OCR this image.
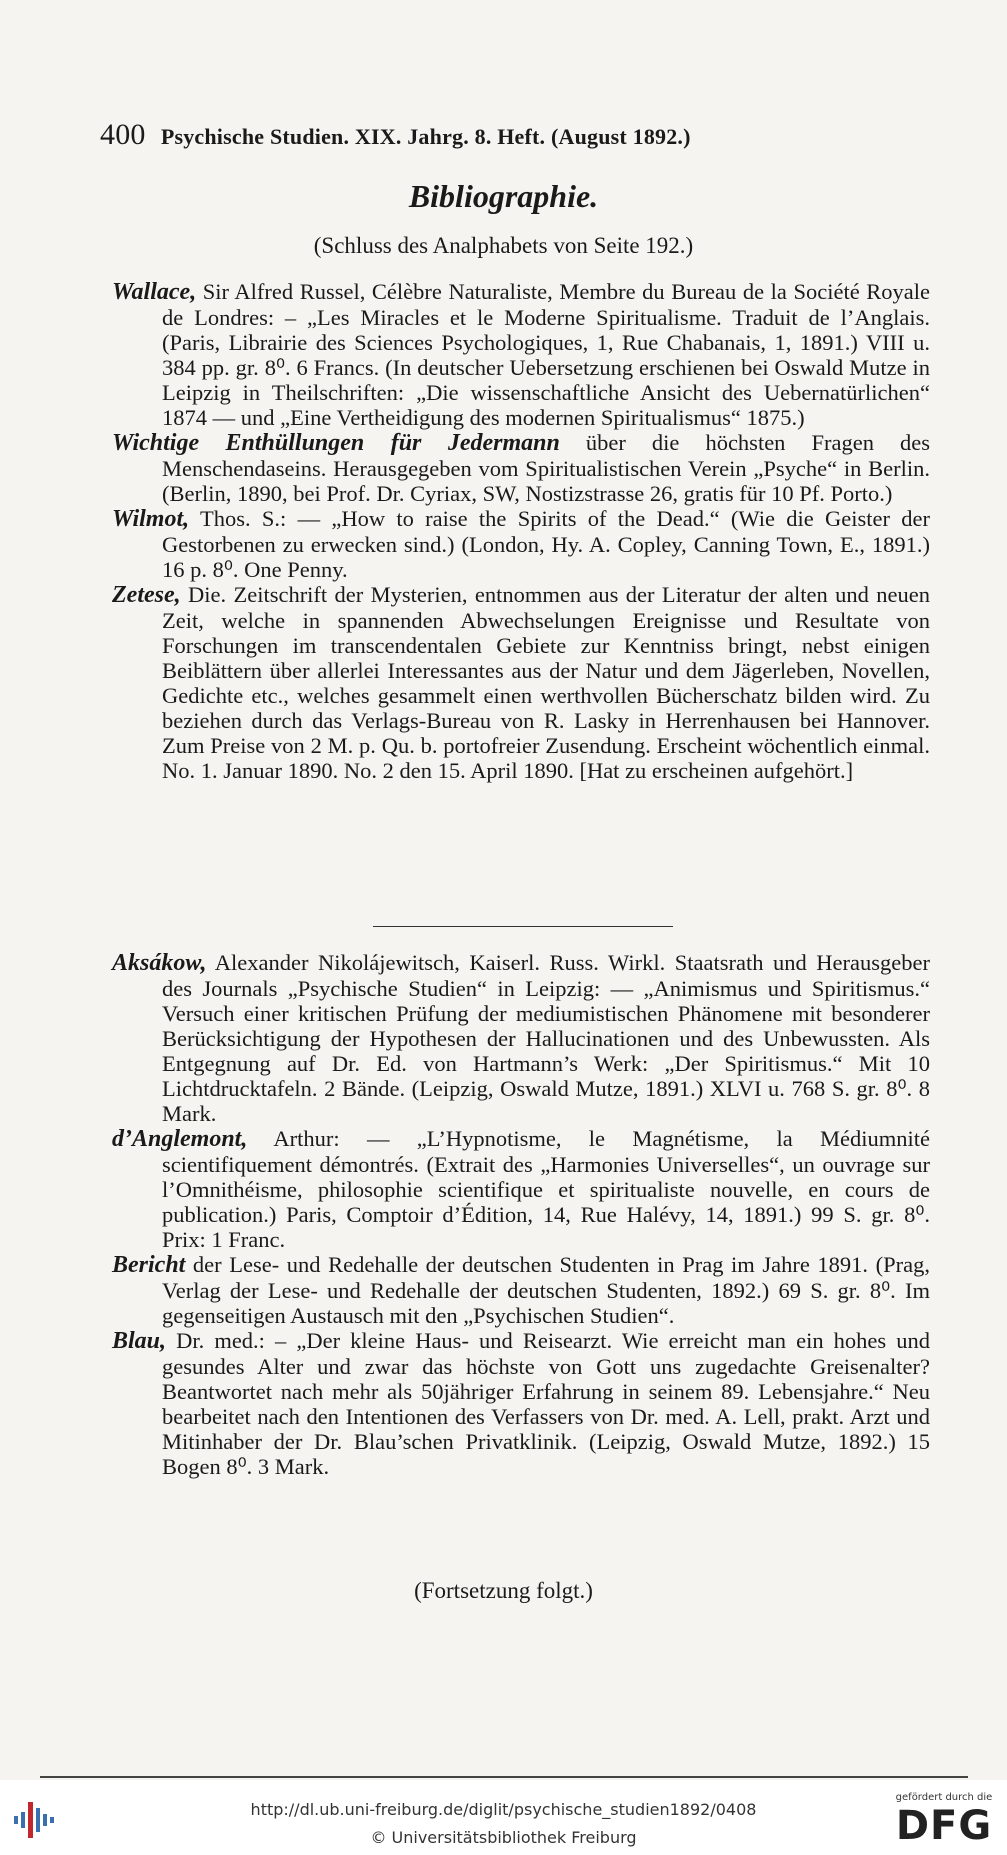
400 Psychische Studien. XIX. Jahrg. 8. Heft. (August 1892.)
Bibliographie.
(Schluss des Analphabets von Seite 192.)

Wallace, Sir Alfred Russel, Célèbre Naturaliste, Membre du Bureau de la Société Royale de Londres: – „Les Miracles et le Moderne Spiritualisme. Traduit de l’Anglais. (Paris, Librairie des Sciences Psychologiques, 1, Rue Chabanais, 1, 1891.) VIII u. 384 pp. gr. 8⁰. 6 Francs. (In deutscher Uebersetzung erschienen bei Oswald Mutze in Leipzig in Theilschriften: „Die wissenschaftliche Ansicht des Uebernatürlichen“ 1874 — und „Eine Vertheidigung des modernen Spiritualismus“ 1875.)

Wichtige Enthüllungen für Jedermann über die höchsten Fragen des Menschendaseins. Herausgegeben vom Spiritualistischen Verein „Psyche“ in Berlin. (Berlin, 1890, bei Prof. Dr. Cyriax, SW, Nostizstrasse 26, gratis für 10 Pf. Porto.)

Wilmot, Thos. S.: — „How to raise the Spirits of the Dead.“ (Wie die Geister der Gestorbenen zu erwecken sind.) (London, Hy. A. Copley, Canning Town, E., 1891.) 16 p. 8⁰. One Penny.

Zetese, Die. Zeitschrift der Mysterien, entnommen aus der Literatur der alten und neuen Zeit, welche in spannenden Abwechselungen Ereignisse und Resultate von Forschungen im transcendentalen Gebiete zur Kenntniss bringt, nebst einigen Beiblättern über allerlei Interessantes aus der Natur und dem Jägerleben, Novellen, Gedichte etc., welches gesammelt einen werthvollen Bücherschatz bilden wird. Zu beziehen durch das Verlags-Bureau von R. Lasky in Herrenhausen bei Hannover. Zum Preise von 2 M. p. Qu. b. portofreier Zusendung. Erscheint wöchentlich einmal. No. 1. Januar 1890. No. 2 den 15. April 1890. [Hat zu erscheinen aufgehört.]

Aksákow, Alexander Nikolájewitsch, Kaiserl. Russ. Wirkl. Staatsrath und Herausgeber des Journals „Psychische Studien“ in Leipzig: — „Animismus und Spiritismus.“ Versuch einer kritischen Prüfung der mediumistischen Phänomene mit besonderer Berücksichtigung der Hypothesen der Hallucinationen und des Unbewussten. Als Entgegnung auf Dr. Ed. von Hartmann’s Werk: „Der Spiritismus.“ Mit 10 Lichtdrucktafeln. 2 Bände. (Leipzig, Oswald Mutze, 1891.) XLVI u. 768 S. gr. 8⁰. 8 Mark.

d’Anglemont, Arthur: — „L’Hypnotisme, le Magnétisme, la Médiumnité scientifiquement démontrés. (Extrait des „Harmonies Universelles“, un ouvrage sur l’Omnithéisme, philosophie scientifique et spiritualiste nouvelle, en cours de publication.) Paris, Comptoir d’Édition, 14, Rue Halévy, 14, 1891.) 99 S. gr. 8⁰. Prix: 1 Franc.

Bericht der Lese- und Redehalle der deutschen Studenten in Prag im Jahre 1891. (Prag, Verlag der Lese- und Redehalle der deutschen Studenten, 1892.) 69 S. gr. 8⁰. Im gegenseitigen Austausch mit den „Psychischen Studien“.

Blau, Dr. med.: – „Der kleine Haus- und Reisearzt. Wie erreicht man ein hohes und gesundes Alter und zwar das höchste von Gott uns zugedachte Greisenalter? Beantwortet nach mehr als 50jähriger Erfahrung in seinem 89. Lebensjahre.“ Neu bearbeitet nach den Intentionen des Verfassers von Dr. med. A. Lell, prakt. Arzt und Mitinhaber der Dr. Blau’schen Privatklinik. (Leipzig, Oswald Mutze, 1892.) 15 Bogen 8⁰. 3 Mark.

(Fortsetzung folgt.)
http://dl.ub.uni-freiburg.de/diglit/psychische_studien1892/0408
© Universitätsbibliothek Freiburg
gefördert durch die
DFG
